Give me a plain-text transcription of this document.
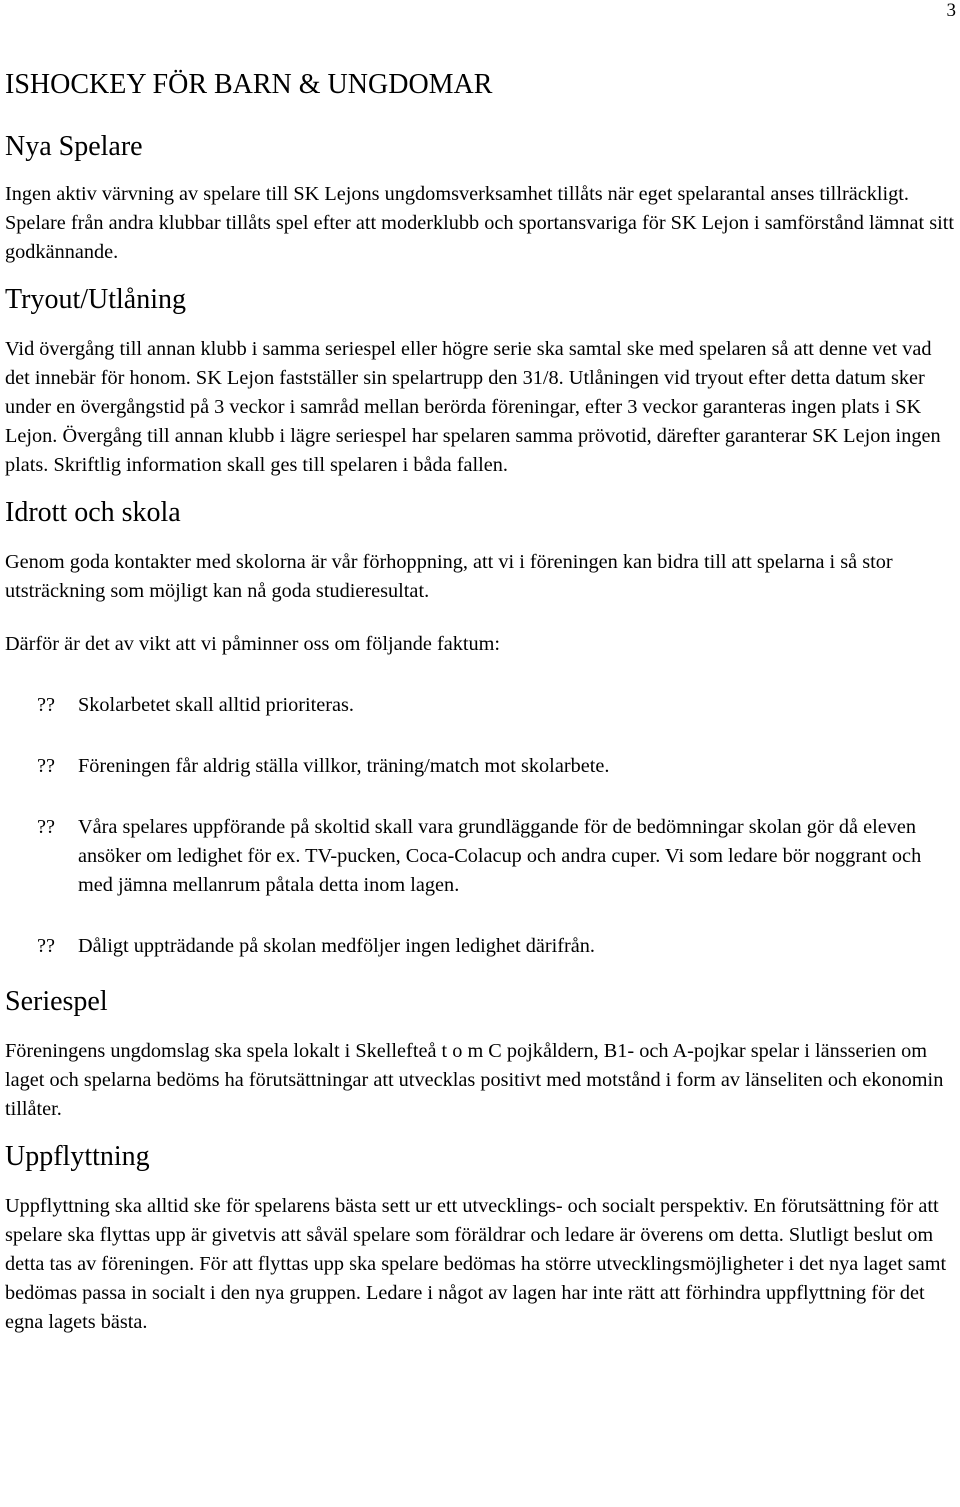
3
ISHOCKEY FÖR BARN & UNGDOMAR
Nya Spelare

Ingen aktiv värvning av spelare till SK Lejons ungdomsverksamhet tillåts när eget spelarantal anses tillräckligt. Spelare från andra klubbar tillåts spel efter att moderklubb och sportansvariga för SK Lejon i samförstånd lämnat sitt godkännande.

Tryout/Utlåning

Vid övergång till annan klubb i samma seriespel eller högre serie ska samtal ske med spelaren så att denne vet vad det innebär för honom. SK Lejon fastställer sin spelartrupp den 31/8. Utlåningen vid tryout efter detta datum sker under en övergångstid på 3 veckor i samråd mellan berörda föreningar, efter 3 veckor garanteras ingen plats i SK Lejon. Övergång till annan klubb i lägre seriespel har spelaren samma prövotid, därefter garanterar SK Lejon ingen plats. Skriftlig information skall ges till spelaren i båda fallen.

Idrott och skola

Genom goda kontakter med skolorna är vår förhoppning, att vi i föreningen kan bidra till att spelarna i så stor utsträckning som möjligt kan nå goda studieresultat.

Därför är det av vikt att vi påminner oss om följande faktum:

??	Skolarbetet skall alltid prioriteras.
??	Föreningen får aldrig ställa villkor, träning/match mot skolarbete.
??	Våra spelares uppförande på skoltid skall vara grundläggande för de bedömningar skolan gör då eleven ansöker om ledighet för ex. TV-pucken, Coca-Colacup och andra cuper. Vi som ledare bör noggrant och med jämna mellanrum påtala detta inom lagen.
??	Dåligt uppträdande på skolan medföljer ingen ledighet därifrån.
Seriespel

Föreningens ungdomslag ska spela lokalt i Skellefteå t o m C pojkåldern, B1- och A-pojkar spelar i länsserien om laget och spelarna bedöms ha förutsättningar att utvecklas positivt med motstånd i form av länseliten och ekonomin tillåter.

Uppflyttning

Uppflyttning ska alltid ske för spelarens bästa sett ur ett utvecklings- och socialt perspektiv. En förutsättning för att spelare ska flyttas upp är givetvis att såväl spelare som föräldrar och ledare är överens om detta. Slutligt beslut om detta tas av föreningen. För att flyttas upp ska spelare bedömas ha större utvecklingsmöjligheter i det nya laget samt bedömas passa in socialt i den nya gruppen. Ledare i något av lagen har inte rätt att förhindra uppflyttning för det egna lagets bästa.
